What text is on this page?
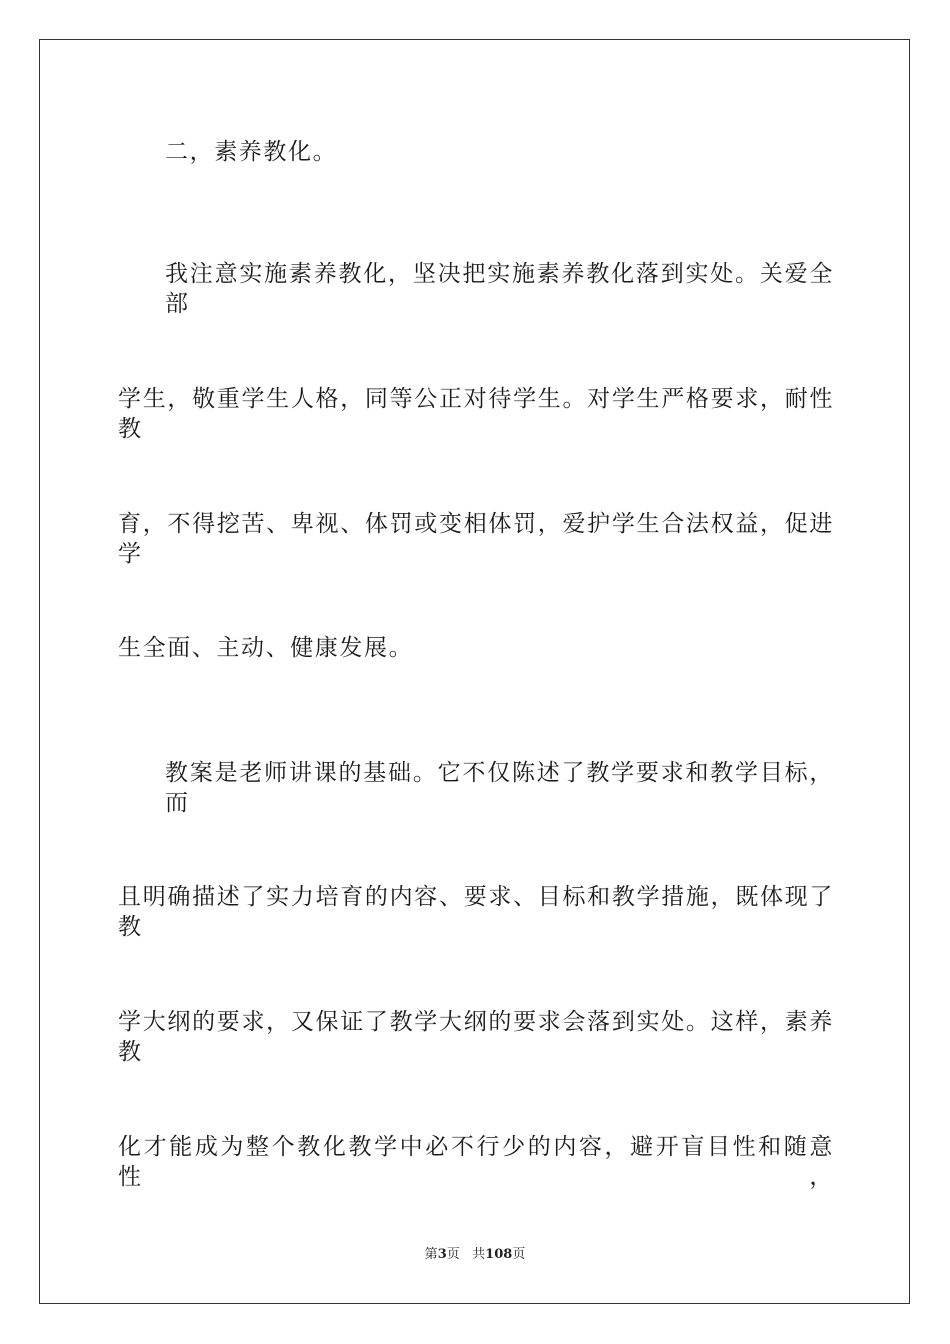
二，素养教化。
我注意实施素养教化，坚决把实施素养教化落到实处。关爱全部
学生，敬重学生人格，同等公正对待学生。对学生严格要求，耐性教
育，不得挖苦、卑视、体罚或变相体罚，爱护学生合法权益，促进学
生全面、主动、健康发展。
教案是老师讲课的基础。它不仅陈述了教学要求和教学目标，而
且明确描述了实力培育的内容、要求、目标和教学措施，既体现了教
学大纲的要求，又保证了教学大纲的要求会落到实处。这样，素养教
化才能成为整个教化教学中必不行少的内容，避开盲目性和随意性，
第3页 共108页
